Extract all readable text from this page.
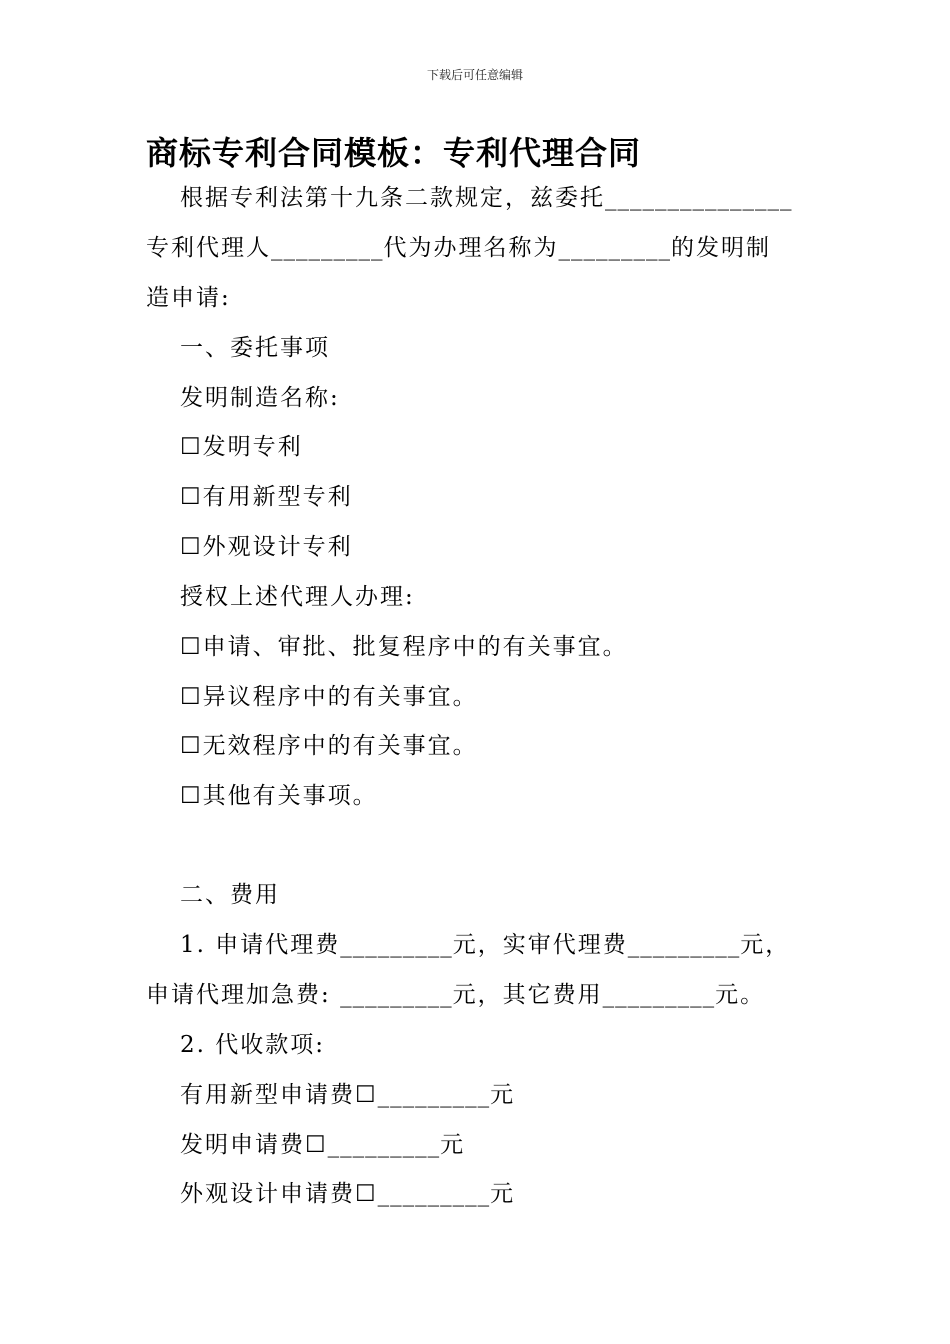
下载后可任意编辑
商标专利合同模板：专利代理合同
根据专利法第十九条二款规定，兹委托_______________
专利代理人_________代为办理名称为_________的发明制
造申请:
一、委托事项
发明制造名称:
☐发明专利
☐有用新型专利
☐外观设计专利
授权上述代理人办理:
☐申请、审批、批复程序中的有关事宜。
☐异议程序中的有关事宜。
☐无效程序中的有关事宜。
☐其他有关事项。
二、费用
1. 申请代理费_________元，实审代理费_________元，
申请代理加急费: _________元，其它费用_________元。
2. 代收款项:
有用新型申请费☐_________元
发明申请费☐_________元
外观设计申请费☐_________元
